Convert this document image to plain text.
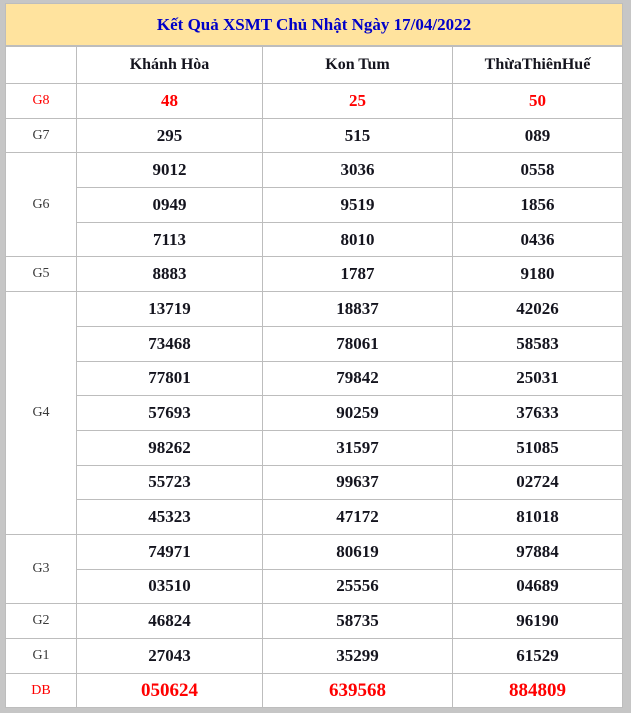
Kết Quả XSMT Chủ Nhật Ngày 17/04/2022			
	Khánh Hòa	Kon Tum	ThừaThiênHuế
G8	48	25	50
G7	295	515	089
G6	9012	3036	0558
	0949	9519	1856
	7113	8010	0436
G5	8883	1787	9180
G4	13719	18837	42026
	73468	78061	58583
	77801	79842	25031
	57693	90259	37633
	98262	31597	51085
	55723	99637	02724
	45323	47172	81018
G3	74971	80619	97884
	03510	25556	04689
G2	46824	58735	96190
G1	27043	35299	61529
DB	050624	639568	884809
